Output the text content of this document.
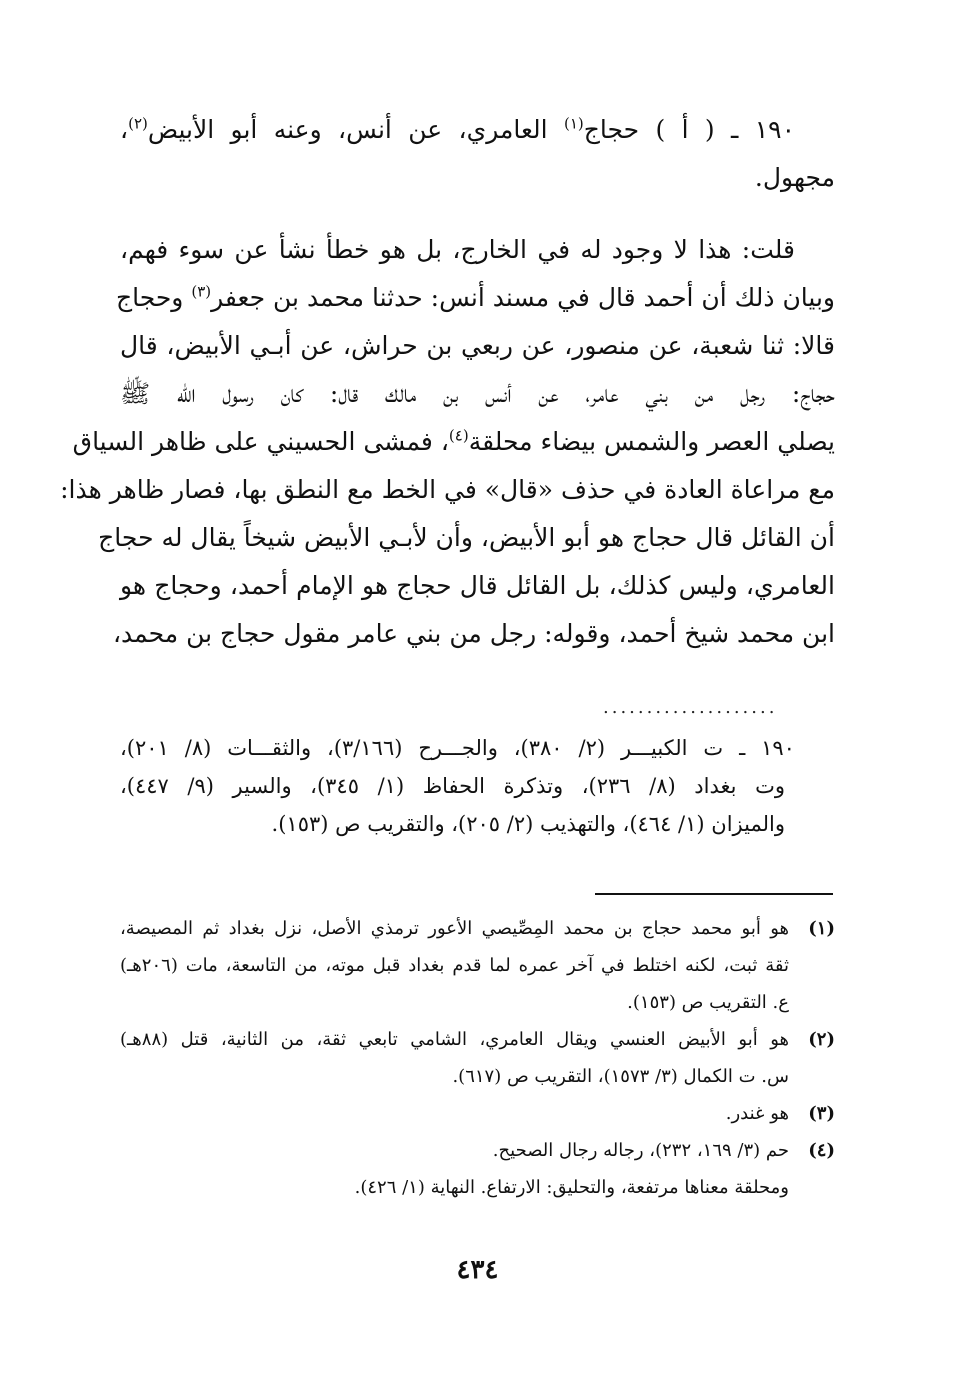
١٩٠ ـ ( أ ) حجاج$^{(١)}$ العامري، عن أنس، وعنه أبو الأبيض$^{(٢)}$،
مجهول.
قلت: هذا لا وجود له في الخارج، بل هو خطأ نشأ عن سوء فهم،
وبيان ذلك أن أحمد قال في مسند أنس: حدثنا محمد بن جعفر$^{(٣)}$ وحجاج
قالا: ثنا شعبة، عن منصور، عن ربعي بن حراش، عن أبـي الأبيض، قال
حجاج: رجل من بني عامر، عن أنس بن مالك قال: كان رسول الله ﷺ
يصلي العصر والشمس بيضاء محلقة$^{(٤)}$، فمشى الحسيني على ظاهر السياق
مع مراعاة العادة في حذف «قال» في الخط مع النطق بها، فصار ظاهر هذا:
أن القائل قال حجاج هو أبو الأبيض، وأن لأبـي الأبيض شيخاً يقال له حجاج
العامري، وليس كذلك، بل القائل قال حجاج هو الإمام أحمد، وحجاج هو
ابن محمد شيخ أحمد، وقوله: رجل من بني عامر مقول حجاج بن محمد،
....................
١٩٠ ـ ت الكبيـــر (٢/ ٣٨٠)، والجـــرح (٣/١٦٦)، والثقـــات (٨/ ٢٠١)،
وت بغداد (٨/ ٢٣٦)، وتذكرة الحفاظ (١/ ٣٤٥)، والسير (٩/ ٤٤٧)،
والميزان (١/ ٤٦٤)، والتهذيب (٢/ ٢٠٥)، والتقريب ص (١٥٣).
(١)
هو أبو محمد حجاج بن محمد المِصِّيصي الأعور ترمذي الأصل، نزل بغداد ثم المصيصة،
ثقة ثبت، لكنه اختلط في آخر عمره لما قدم بغداد قبل موته، من التاسعة، مات (٢٠٦هـ)
ع. التقريب ص (١٥٣).
(٢)
هو أبو الأبيض العنسي ويقال العامري، الشامي تابعي ثقة، من الثانية، قتل (٨٨هـ)
س. ت الكمال (٣/ ١٥٧٣)، التقريب ص (٦١٧).
(٣)
هو غندر.
(٤)
حم (٣/ ١٦٩، ٢٣٢)، رجاله رجال الصحيح.
ومحلقة معناها مرتفعة، والتحليق: الارتفاع. النهاية (١/ ٤٢٦).
٤٣٤
